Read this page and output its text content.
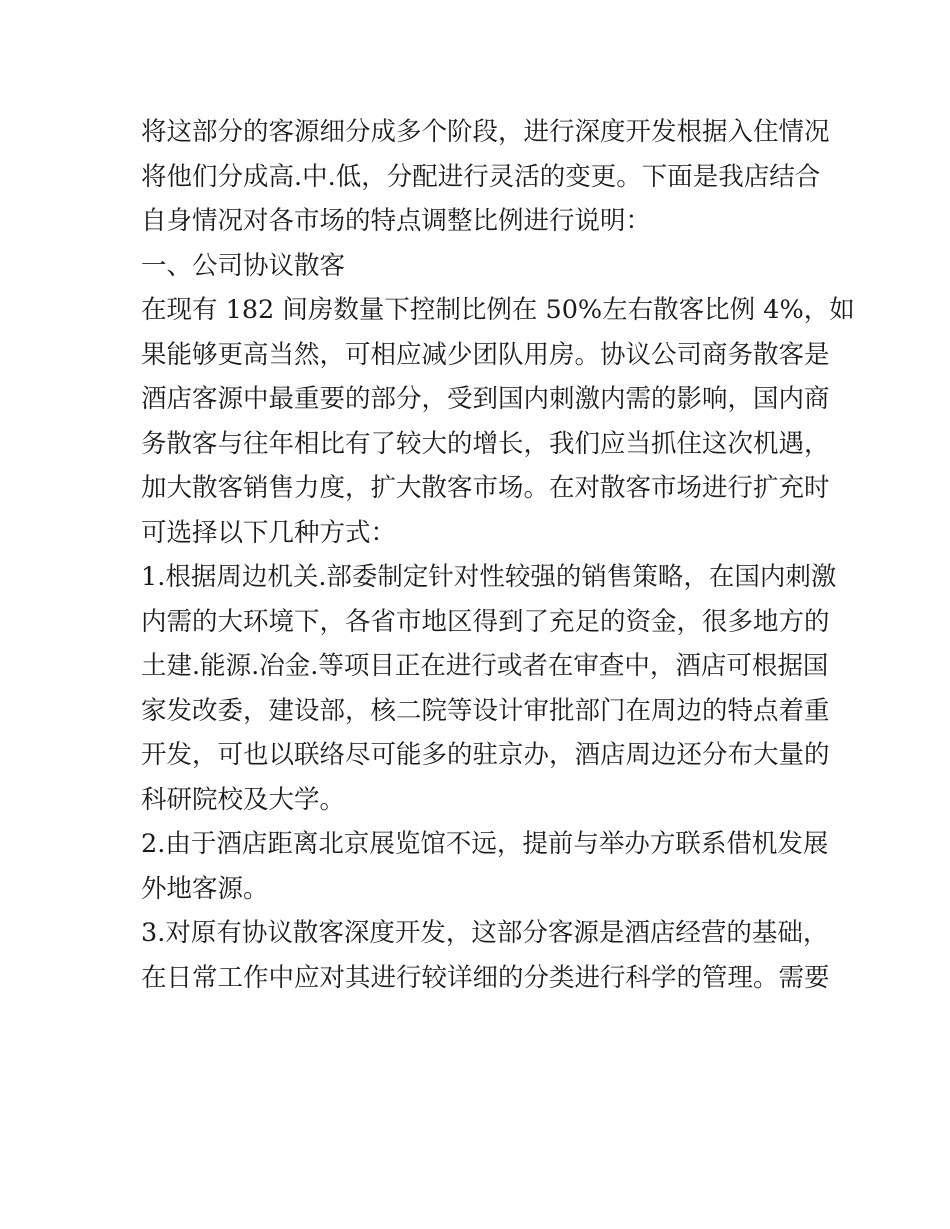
将这部分的客源细分成多个阶段，进行深度开发根据入住情况
将他们分成高.中.低，分配进行灵活的变更。下面是我店结合
自身情况对各市场的特点调整比例进行说明：
一、公司协议散客
在现有 182 间房数量下控制比例在 50%左右散客比例 4%，如
果能够更高当然，可相应减少团队用房。协议公司商务散客是
酒店客源中最重要的部分，受到国内刺激内需的影响，国内商
务散客与往年相比有了较大的增长，我们应当抓住这次机遇，
加大散客销售力度，扩大散客市场。在对散客市场进行扩充时
可选择以下几种方式：
1.根据周边机关.部委制定针对性较强的销售策略，在国内刺激
内需的大环境下，各省市地区得到了充足的资金，很多地方的
土建.能源.冶金.等项目正在进行或者在审查中，酒店可根据国
家发改委，建设部，核二院等设计审批部门在周边的特点着重
开发，可也以联络尽可能多的驻京办，酒店周边还分布大量的
科研院校及大学。
2.由于酒店距离北京展览馆不远，提前与举办方联系借机发展
外地客源。
3.对原有协议散客深度开发，这部分客源是酒店经营的基础，
在日常工作中应对其进行较详细的分类进行科学的管理。需要
